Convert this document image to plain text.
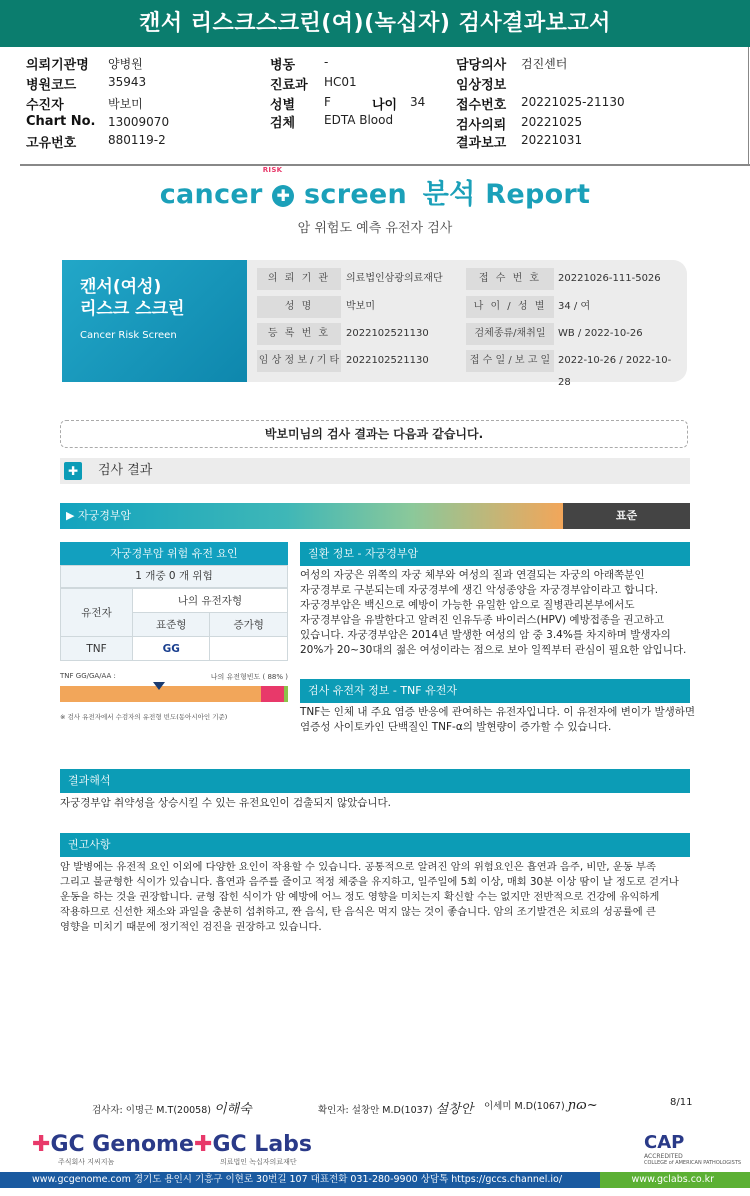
캔서 리스크스크린(여)(녹십자) 검사결과보고서
의뢰기관명 양병원
병원코드	35943
수진자	박보미
Chart No. 13009070
고유번호	880119-2
병동 -
진료과 HC01
성별 F	나이 34
검체 EDTA Blood
담당의사 검진센터
임상정보
접수번호 20221025-21130
검사의뢰 20221025
결과보고 20221031
cancer ✚ screen 분석 Report
RISK
암 위험도 예측 유전자 검사
캔서(여성)
리스크 스크린
Cancer Risk Screen
의 뢰 기 관	의료법인삼광의료재단	접 수 번 호	20221026-111-5026
성 명	박보미	나 이 / 성 별	34 / 여
등 록 번 호	2022102521130	검체종류/채취일	WB / 2022-10-26
임 상 정 보 / 기 타 2022102521130	접 수 일 / 보 고 일 2022-10-26 / 2022-10-28
박보미님의 검사 결과는 다음과 같습니다.
✚	검사 결과
▶ 자궁경부암	표준
자궁경부암 위험 유전 요인
1 개중 0 개 위험
유전자	나의 유전자형	
	표준형	증가형
TNF	GG	
TNF GG/GA/AA :	나의 유전형빈도 ( 88% )
※ 검사 유전자에서 수검자의 유전형 빈도(동아시아인 기준)
질환 정보 - 자궁경부암
여성의 자궁은 위쪽의 자궁 체부와 여성의 질과 연결되는 자궁의 아래쪽분인
자궁경부로 구분되는데 자궁경부에 생긴 악성종양을 자궁경부암이라고 합니다.
자궁경부암은 백신으로 예방이 가능한 유일한 암으로 질병관리본부에서도
자궁경부암을 유발한다고 알려진 인유두종 바이러스(HPV) 예방접종을 권고하고
있습니다. 자궁경부암은 2014년 발생한 여성의 암 중 3.4%를 차지하며 발생자의
20%가 20~30대의 젊은 여성이라는 점으로 보아 일찍부터 관심이 필요한 암입니다.
검사 유전자 정보 - TNF 유전자
TNF는 인체 내 주요 염증 반응에 관여하는 유전자입니다. 이 유전자에 변이가 발생하면
염증성 사이토카인 단백질인 TNF-α의 발현량이 증가할 수 있습니다.
결과해석
자궁경부암 취약성을 상승시킬 수 있는 유전요인이 검출되지 않았습니다.
권고사항
암 발병에는 유전적 요인 이외에 다양한 요인이 작용할 수 있습니다. 공통적으로 알려진 암의 위험요인은 흡연과 음주, 비만, 운동 부족
그리고 불균형한 식이가 있습니다. 흡연과 음주를 줄이고 적정 체중을 유지하고, 일주일에 5회 이상, 매회 30분 이상 땀이 날 정도로 걷거나
운동을 하는 것을 권장합니다. 균형 잡힌 식이가 암 예방에 어느 정도 영향을 미치는지 확신할 수는 없지만 전반적으로 건강에 유익하게
작용하므로 신선한 채소와 과일을 충분히 섭취하고, 짠 음식, 탄 음식은 먹지 않는 것이 좋습니다. 암의 조기발견은 치료의 성공률에 큰
영향을 미치기 때문에 정기적인 검진을 권장하고 있습니다.
검사자: 이명근 M.T(20058) 이해숙	확인자: 설창안 M.D(1037) 설창안 이세미 M.D(1067) ɲɷ~	8/11
✚GC Genome
주식회사 지씨지놈
✚GC Labs
의료법인 녹십자의료재단
CAP
ACCREDITED
COLLEGE of AMERICAN PATHOLOGISTS
www.gcgenome.com 경기도 용인시 기흥구 이현로 30번길 107 대표전화 031-280-9900 상담톡 https://gccs.channel.io/	www.gclabs.co.kr
